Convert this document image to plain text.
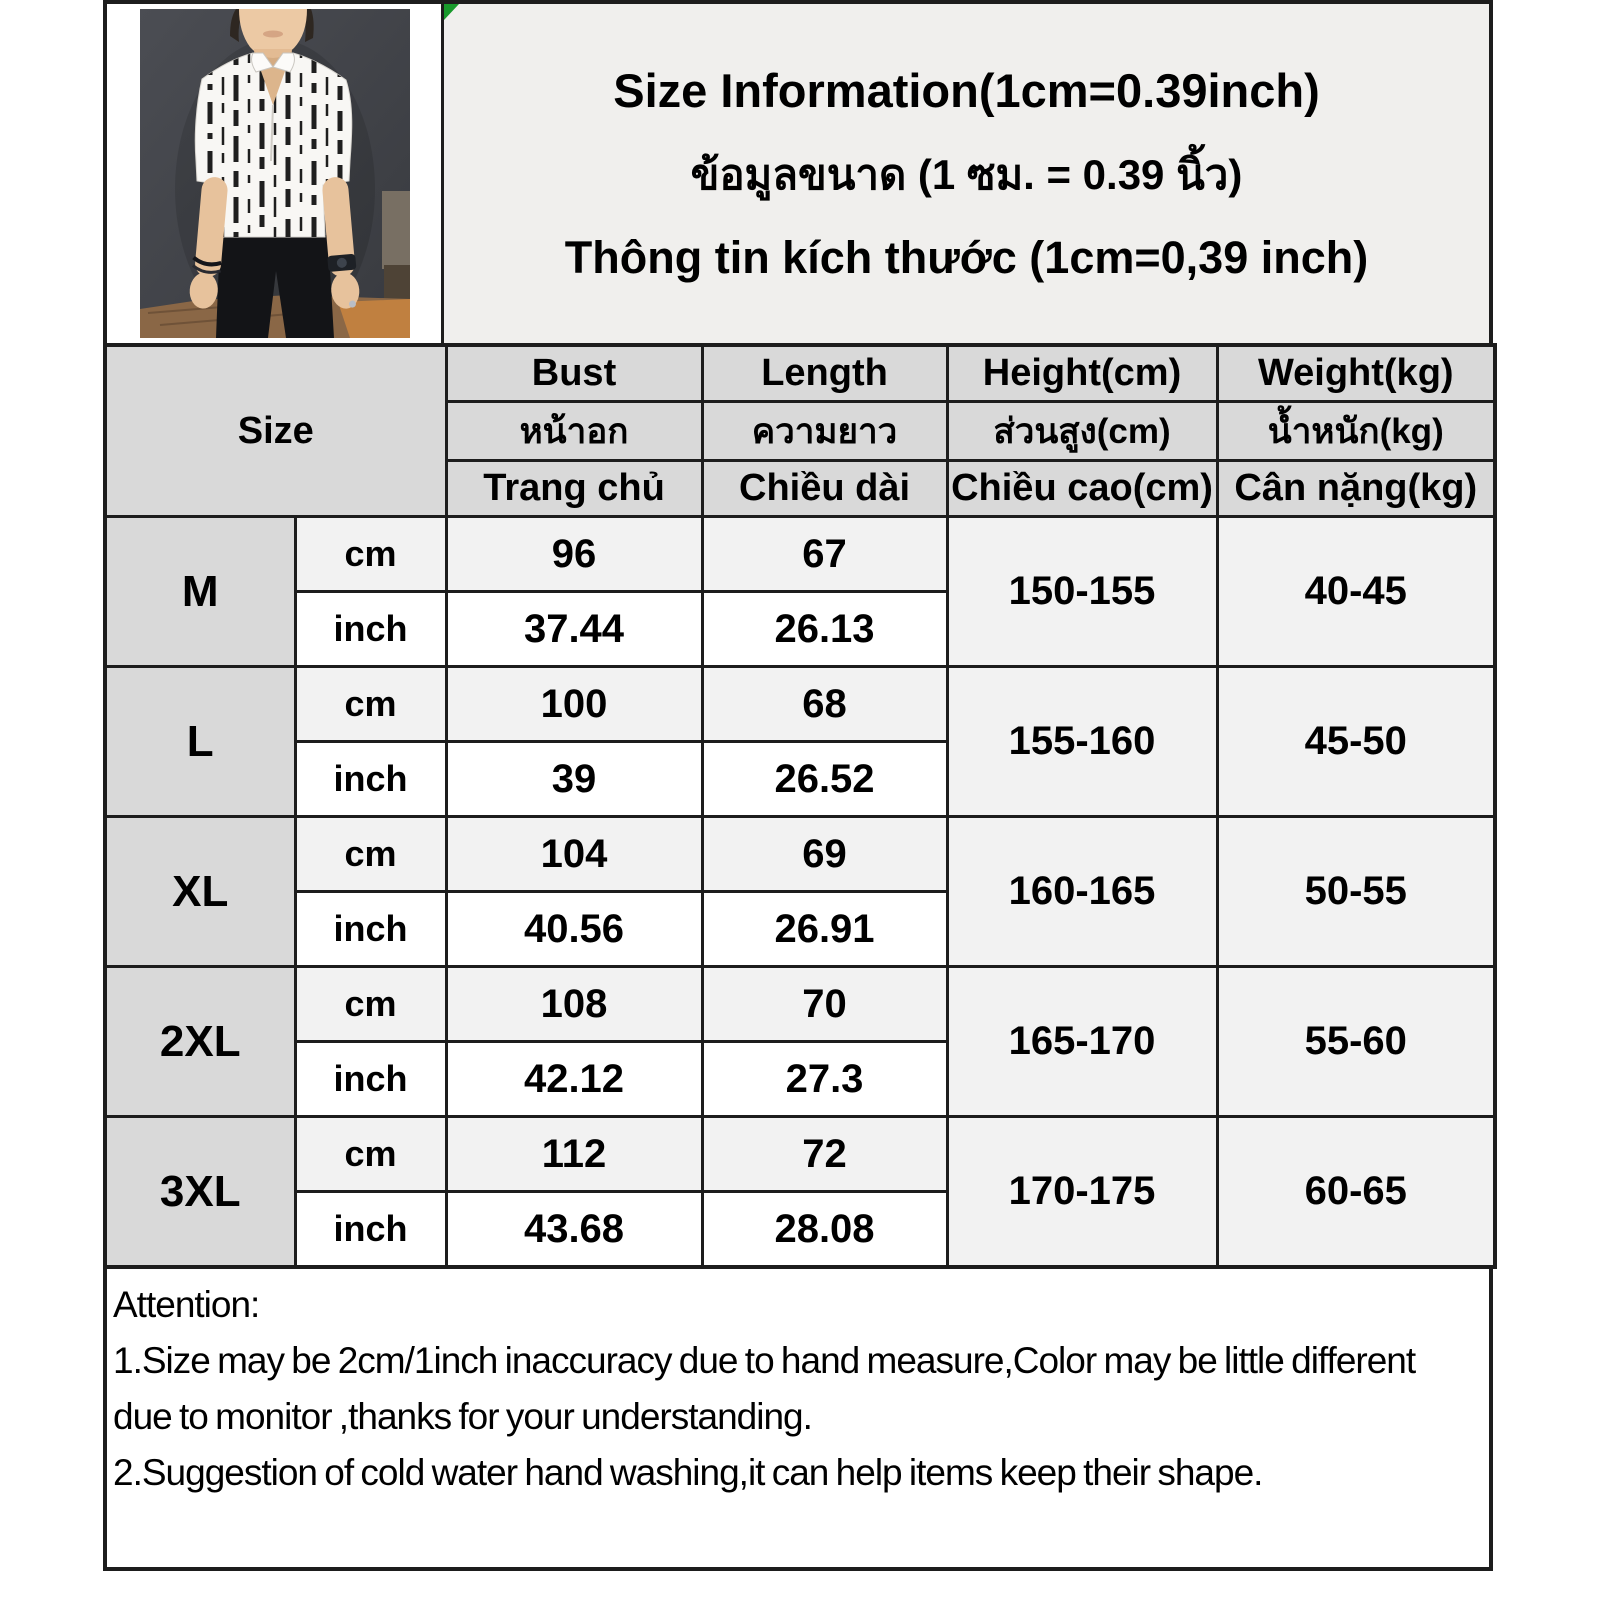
Size Information(1cm=0.39inch)
ข้อมูลขนาด (1 ซม. = 0.39 นิ้ว)
Thông tin kích thước (1cm=0,39 inch)
Size		Bust	Length	Height(cm)	Weight(kg)
		หน้าอก	ความยาว	ส่วนสูง(cm)	น้ำหนัก(kg)
		Trang chủ	Chiều dài	Chiều cao(cm)	Cân nặng(kg)
M	cm	96	67	150-155	40-45
	inch	37.44	26.13		
L	cm	100	68	155-160	45-50
	inch	39	26.52		
XL	cm	104	69	160-165	50-55
	inch	40.56	26.91		
2XL	cm	108	70	165-170	55-60
	inch	42.12	27.3		
3XL	cm	112	72	170-175	60-65
	inch	43.68	28.08		
Attention:
1.Size may be 2cm/1inch inaccuracy due to hand measure,Color may be little different due to monitor ,thanks for your understanding.
2.Suggestion of cold water hand washing,it can help items keep their shape.
